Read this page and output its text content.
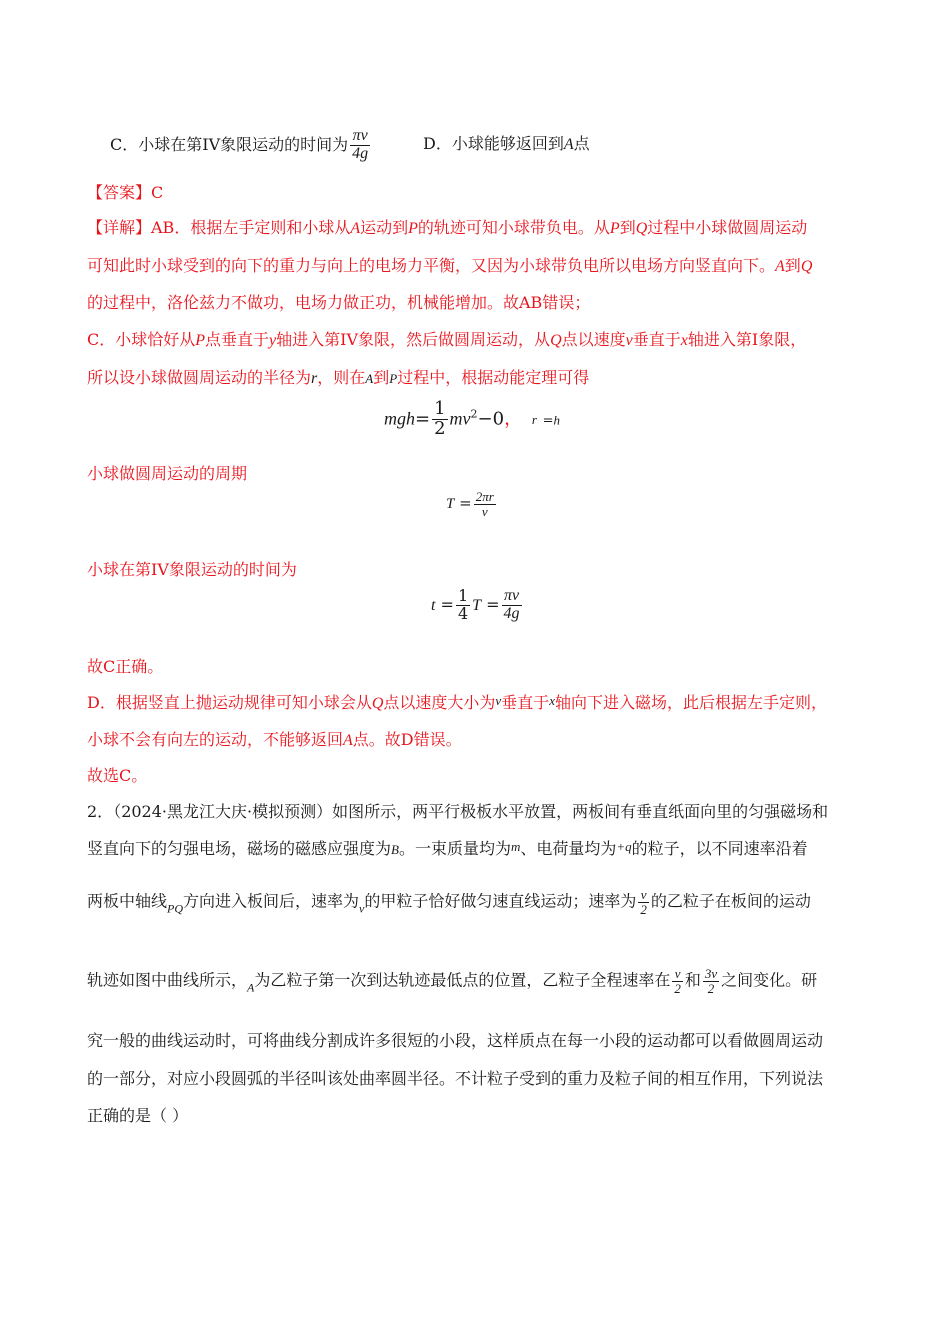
C．小球在第IV象限运动的时间为 $\frac{\pi v}{4g}$	D．小球能够返回到A点
【答案】C
【详解】AB．根据左手定则和小球从A运动到P的轨迹可知小球带负电。从P到Q过程中小球做圆周运动
可知此时小球受到的向下的重力与向上的电场力平衡，又因为小球带负电所以电场方向竖直向下。A到Q
的过程中，洛伦兹力不做功，电场力做正功，机械能增加。故AB错误；
C．小球恰好从P点垂直于y轴进入第IV象限，然后做圆周运动，从Q点以速度v垂直于x轴进入第Ⅰ象限，
所以设小球做圆周运动的半径为r，则在A到P过程中，根据动能定理可得
$mgh= \frac{1}{2} mv^2-0$， r =h
小球做圆周运动的周期
$T = \frac{2\pi r}{v}$
小球在第IV象限运动的时间为
$t = \frac{1}{4}$ $T = \frac{\pi v}{4g}$
故C正确。
D．根据竖直上抛运动规律可知小球会从Q点以速度大小为v垂直于x轴向下进入磁场，此后根据左手定则，
小球不会有向左的运动，不能够返回A点。故D错误。
故选C。
2．（2024·黑龙江大庆·模拟预测）如图所示，两平行极板水平放置，两板间有垂直纸面向里的匀强磁场和
竖直向下的匀强电场，磁场的磁感应强度为B。一束质量均为m、电荷量均为+q的粒子，以不同速率沿着
两板中轴线$_{PQ}$方向进入板间后，速率为$_v$的甲粒子恰好做匀速直线运动；速率为 $\frac{v}{2}$ 的乙粒子在板间的运动
轨迹如图中曲线所示，$_A$为乙粒子第一次到达轨迹最低点的位置，乙粒子全程速率在 $\frac{v}{2}$ 和 $\frac{3v}{2}$ 之间变化。研
究一般的曲线运动时，可将曲线分割成许多很短的小段，这样质点在每一小段的运动都可以看做圆周运动
的一部分，对应小段圆弧的半径叫该处曲率圆半径。不计粒子受到的重力及粒子间的相互作用，下列说法
正确的是（ ）
